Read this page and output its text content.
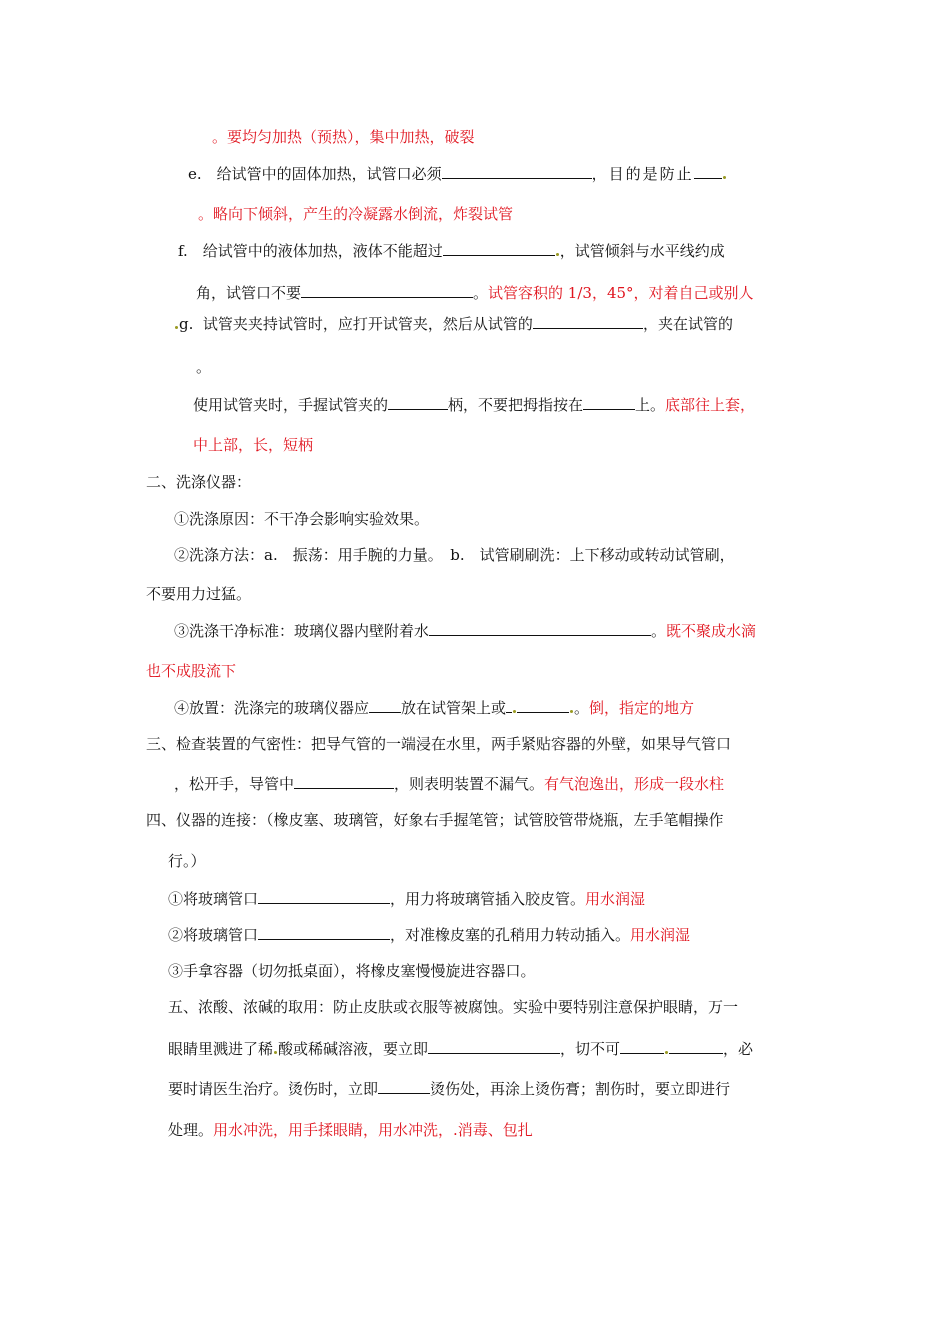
。要均匀加热（预热），集中加热，破裂
e.　给试管中的固体加热，试管口必须	，目的是防止
。略向下倾斜，产生的冷凝露水倒流，炸裂试管
f.　给试管中的液体加热，液体不能超过	，试管倾斜与水平线约成
角，试管口不要	。试管容积的 1/3，45°，对着自己或别人
g. 试管夹夹持试管时，应打开试管夹，然后从试管的	，夹在试管的
。
使用试管夹时，手握试管夹的	柄，不要把拇指按在	上。底部往上套，
中上部，长，短柄
二、洗涤仪器：
①洗涤原因：不干净会影响实验效果。
②洗涤方法：a.　振荡：用手腕的力量。　b.　试管刷刷洗：上下移动或转动试管刷，
不要用力过猛。
③洗涤干净标准：玻璃仪器内壁附着水	。既不聚成水滴
也不成股流下
④放置：洗涤完的玻璃仪器应 放在试管架上或	。倒，指定的地方
三、检查装置的气密性：把导气管的一端浸在水里，两手紧贴容器的外壁，如果导气管口
，松开手，导管中	，则表明装置不漏气。有气泡逸出，形成一段水柱
四、仪器的连接：（橡皮塞、玻璃管，好象右手握笔管；试管胶管带烧瓶，左手笔帽操作
行。）
①将玻璃管口	，用力将玻璃管插入胶皮管。用水润湿
②将玻璃管口	，对准橡皮塞的孔稍用力转动插入。用水润湿
③手拿容器（切勿抵桌面），将橡皮塞慢慢旋进容器口。
五、浓酸、浓碱的取用：防止皮肤或衣服等被腐蚀。实验中要特别注意保护眼睛，万一
眼睛里溅进了稀 酸或稀碱溶液，要立即	，切不可	，必
要时请医生治疗。烫伤时，立即	烫伤处，再涂上烫伤膏；割伤时，要立即进行
处理。用水冲洗，用手揉眼睛，用水冲洗，.消毒、包扎
